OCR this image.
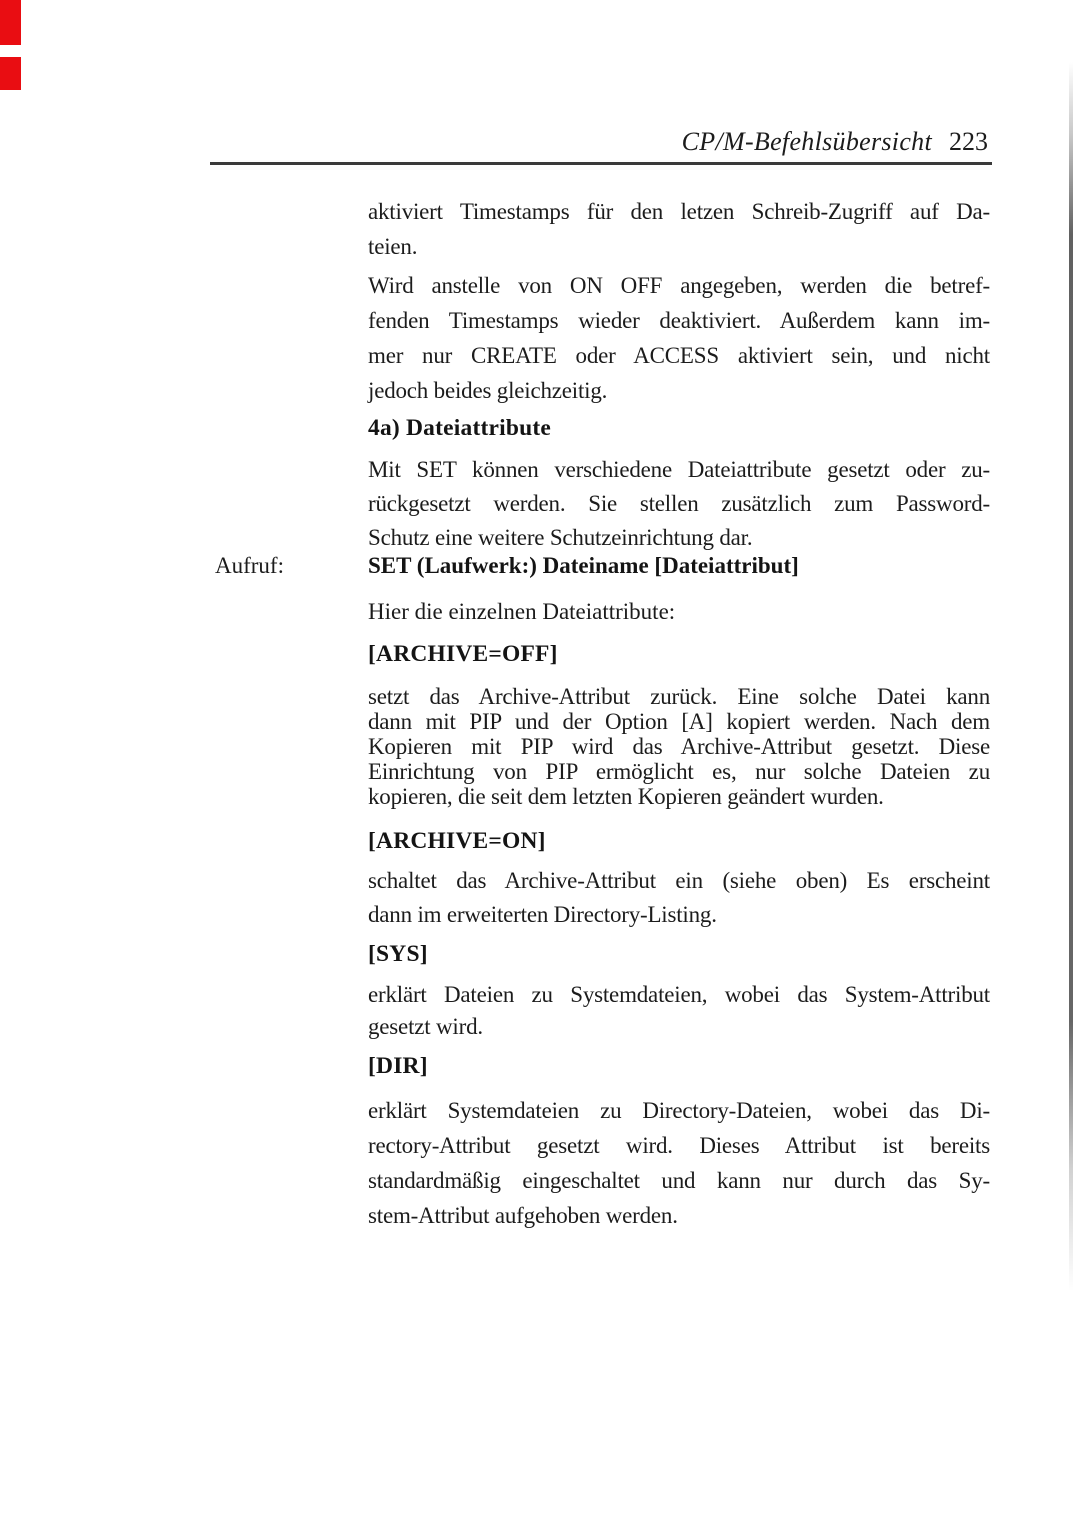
CP/M-Befehlsübersicht 223
aktiviert Timestamps für den letzen Schreib-Zugriff auf Da-
teien.
Wird anstelle von ON OFF angegeben, werden die betref-
fenden Timestamps wieder deaktiviert. Außerdem kann im-
mer nur CREATE oder ACCESS aktiviert sein, und nicht
jedoch beides gleichzeitig.
4a) Dateiattribute
Mit SET können verschiedene Dateiattribute gesetzt oder zu-
rückgesetzt werden. Sie stellen zusätzlich zum Password-
Schutz eine weitere Schutzeinrichtung dar.
Aufruf:	SET (Laufwerk:) Dateiname [Dateiattribut]
Hier die einzelnen Dateiattribute:
[ARCHIVE=OFF]
setzt das Archive-Attribut zurück. Eine solche Datei kann
dann mit PIP und der Option [A] kopiert werden. Nach dem
Kopieren mit PIP wird das Archive-Attribut gesetzt. Diese
Einrichtung von PIP ermöglicht es, nur solche Dateien zu
kopieren, die seit dem letzten Kopieren geändert wurden.
[ARCHIVE=ON]
schaltet das Archive-Attribut ein (siehe oben) Es erscheint
dann im erweiterten Directory-Listing.
[SYS]
erklärt Dateien zu Systemdateien, wobei das System-Attribut
gesetzt wird.
[DIR]
erklärt Systemdateien zu Directory-Dateien, wobei das Di-
rectory-Attribut gesetzt wird. Dieses Attribut ist bereits
standardmäßig eingeschaltet und kann nur durch das Sy-
stem-Attribut aufgehoben werden.
